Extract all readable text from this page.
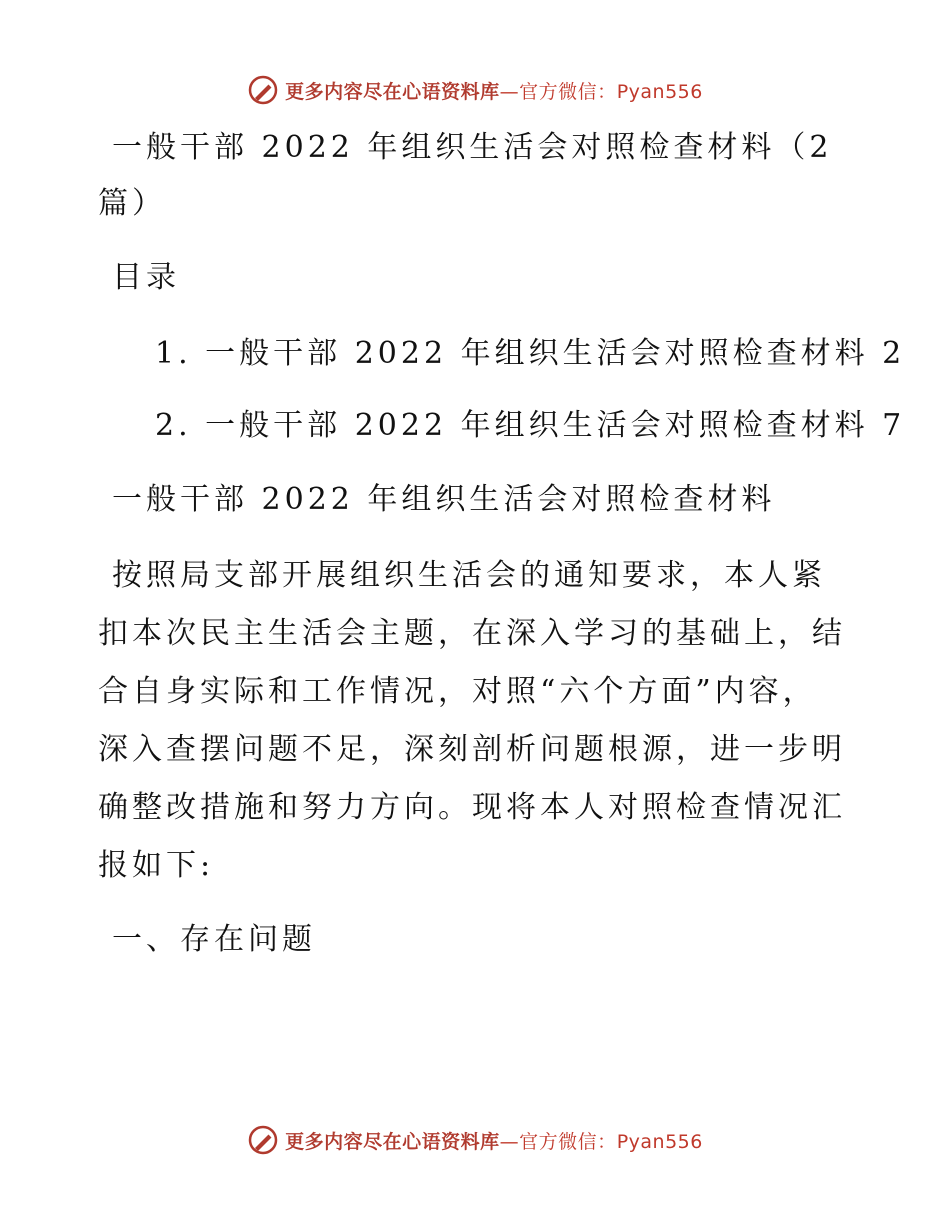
更多内容尽在心语资料库—官方微信：Pyan556
一般干部 2022 年组织生活会对照检查材料（2
篇）
目录
1. 一般干部 2022 年组织生活会对照检查材料 2
2. 一般干部 2022 年组织生活会对照检查材料 7
一般干部 2022 年组织生活会对照检查材料
按照局支部开展组织生活会的通知要求，本人紧
扣本次民主生活会主题，在深入学习的基础上，结
合自身实际和工作情况，对照“六个方面”内容，
深入查摆问题不足，深刻剖析问题根源，进一步明
确整改措施和努力方向。现将本人对照检查情况汇
报如下:
一、存在问题
更多内容尽在心语资料库—官方微信：Pyan556
